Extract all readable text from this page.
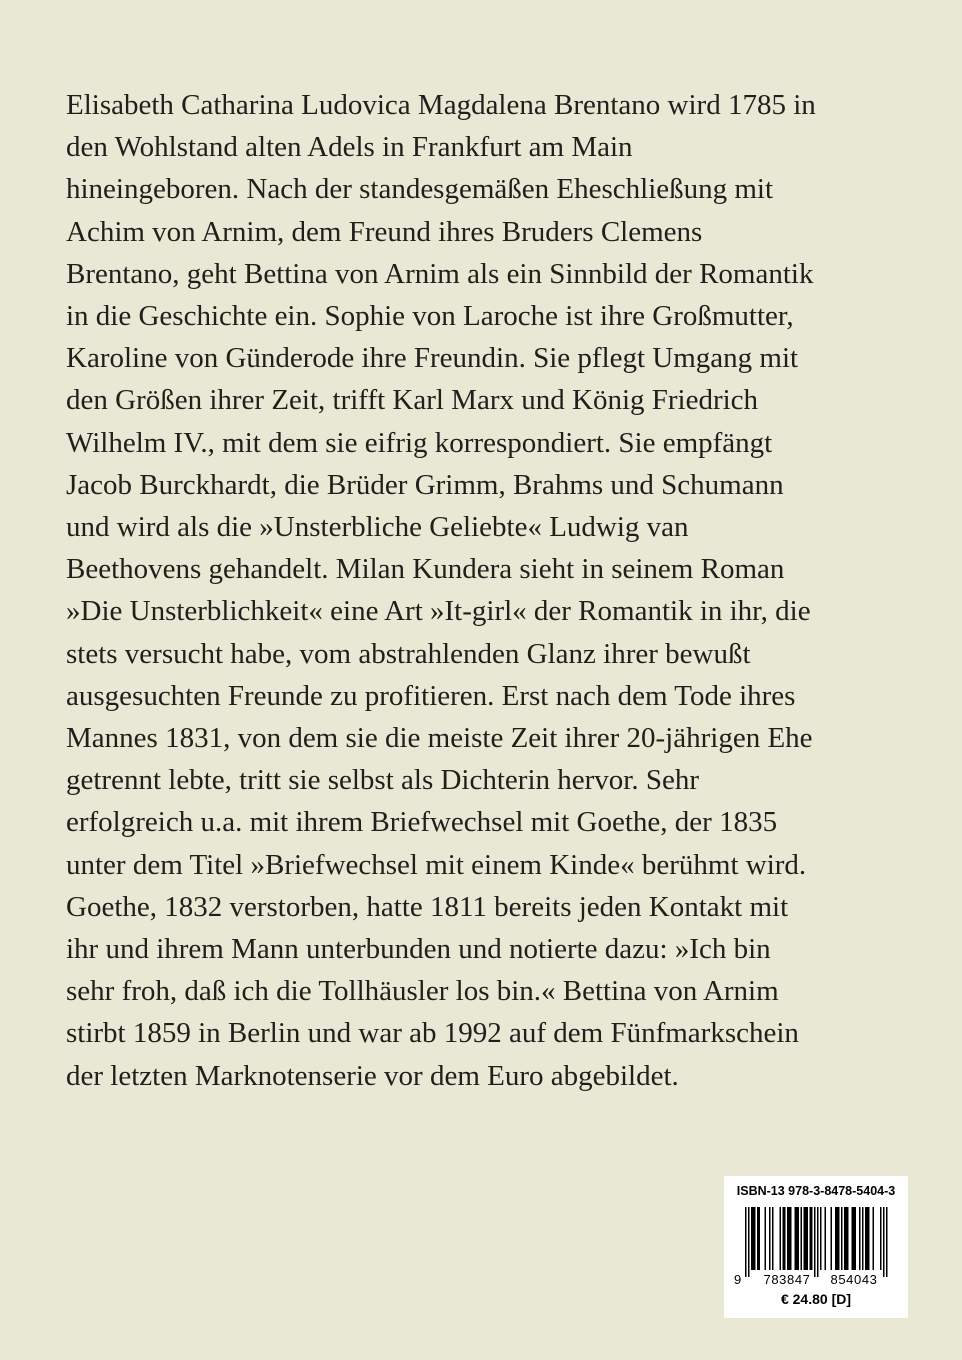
Elisabeth Catharina Ludovica Magdalena Brentano wird 1785 in
den Wohlstand alten Adels in Frankfurt am Main
hineingeboren. Nach der standesgemäßen Eheschließung mit
Achim von Arnim, dem Freund ihres Bruders Clemens
Brentano, geht Bettina von Arnim als ein Sinnbild der Romantik
in die Geschichte ein. Sophie von Laroche ist ihre Großmutter,
Karoline von Günderode ihre Freundin. Sie pflegt Umgang mit
den Größen ihrer Zeit, trifft Karl Marx und König Friedrich
Wilhelm IV., mit dem sie eifrig korrespondiert. Sie empfängt
Jacob Burckhardt, die Brüder Grimm, Brahms und Schumann
und wird als die »Unsterbliche Geliebte« Ludwig van
Beethovens gehandelt. Milan Kundera sieht in seinem Roman
»Die Unsterblichkeit« eine Art »It-girl« der Romantik in ihr, die
stets versucht habe, vom abstrahlenden Glanz ihrer bewußt
ausgesuchten Freunde zu profitieren. Erst nach dem Tode ihres
Mannes 1831, von dem sie die meiste Zeit ihrer 20-jährigen Ehe
getrennt lebte, tritt sie selbst als Dichterin hervor. Sehr
erfolgreich u.a. mit ihrem Briefwechsel mit Goethe, der 1835
unter dem Titel »Briefwechsel mit einem Kinde« berühmt wird.
Goethe, 1832 verstorben, hatte 1811 bereits jeden Kontakt mit
ihr und ihrem Mann unterbunden und notierte dazu: »Ich bin
sehr froh, daß ich die Tollhäusler los bin.« Bettina von Arnim
stirbt 1859 in Berlin und war ab 1992 auf dem Fünfmarkschein
der letzten Marknotenserie vor dem Euro abgebildet.
ISBN-13 978-3-8478-5404-3
9 783847 854043
€ 24.80 [D]
